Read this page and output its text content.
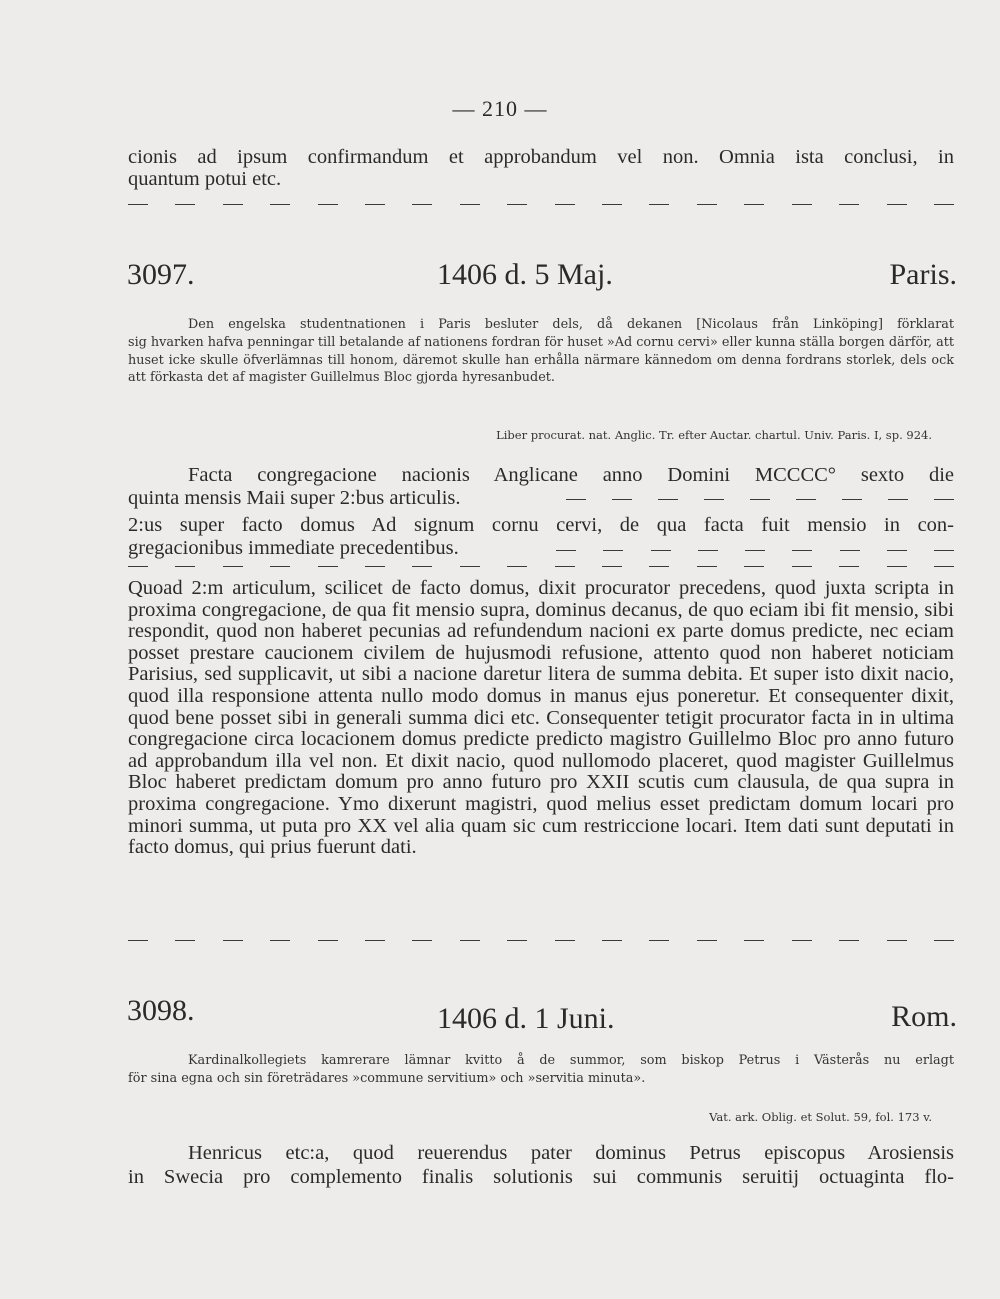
— 210 —
cionis ad ipsum confirmandum et approbandum vel non. Omnia ista conclusi, in
quantum potui etc.
3097.	1406 d. 5 Maj.	Paris.
Den engelska studentnationen i Paris besluter dels, då dekanen [Nicolaus från Linköping] förklarat
sig hvarken hafva penningar till betalande af nationens fordran för huset »Ad cornu cervi» eller kunna ställa borgen därför, att huset icke skulle öfverlämnas till honom, däremot skulle han erhålla närmare kännedom om denna fordrans storlek, dels ock att förkasta det af magister Guillelmus Bloc gjorda hyresanbudet.
Liber procurat. nat. Anglic. Tr. efter Auctar. chartul. Univ. Paris. I, sp. 924.
Facta congregacione nacionis Anglicane anno Domini MCCCC° sexto die
quinta mensis Maii super 2:bus articulis.
2:us super facto domus Ad signum cornu cervi, de qua facta fuit mensio in con-
gregacionibus immediate precedentibus.
Quoad 2:m articulum, scilicet de facto domus, dixit procurator precedens, quod juxta scripta in proxima congregacione, de qua fit mensio supra, dominus decanus, de quo eciam ibi fit mensio, sibi respondit, quod non haberet pecunias ad refundendum nacioni ex parte domus predicte, nec eciam posset prestare caucionem civilem de hujusmodi refusione, attento quod non haberet noticiam Parisius, sed supplicavit, ut sibi a nacione daretur litera de summa debita. Et super isto dixit nacio, quod illa responsione attenta nullo modo domus in manus ejus poneretur. Et consequenter dixit, quod bene posset sibi in generali summa dici etc. Consequenter tetigit procurator facta in in ultima congregacione circa locacionem domus predicte predicto magistro Guillelmo Bloc pro anno futuro ad approbandum illa vel non. Et dixit nacio, quod nullomodo placeret, quod magister Guillelmus Bloc haberet predictam domum pro anno futuro pro XXII scutis cum clausula, de qua supra in proxima congregacione. Ymo dixerunt magistri, quod melius esset predictam domum locari pro minori summa, ut puta pro XX vel alia quam sic cum restriccione locari. Item dati sunt deputati in facto domus, qui prius fuerunt dati.
3098.	1406 d. 1 Juni.	Rom.
Kardinalkollegiets kamrerare lämnar kvitto å de summor, som biskop Petrus i Västerås nu erlagt
för sina egna och sin företrädares »commune servitium» och »servitia minuta».
Vat. ark. Oblig. et Solut. 59, fol. 173 v.
Henricus etc:a, quod reuerendus pater dominus Petrus episcopus Arosiensis
in Swecia pro complemento finalis solutionis sui communis seruitij octuaginta flo-
